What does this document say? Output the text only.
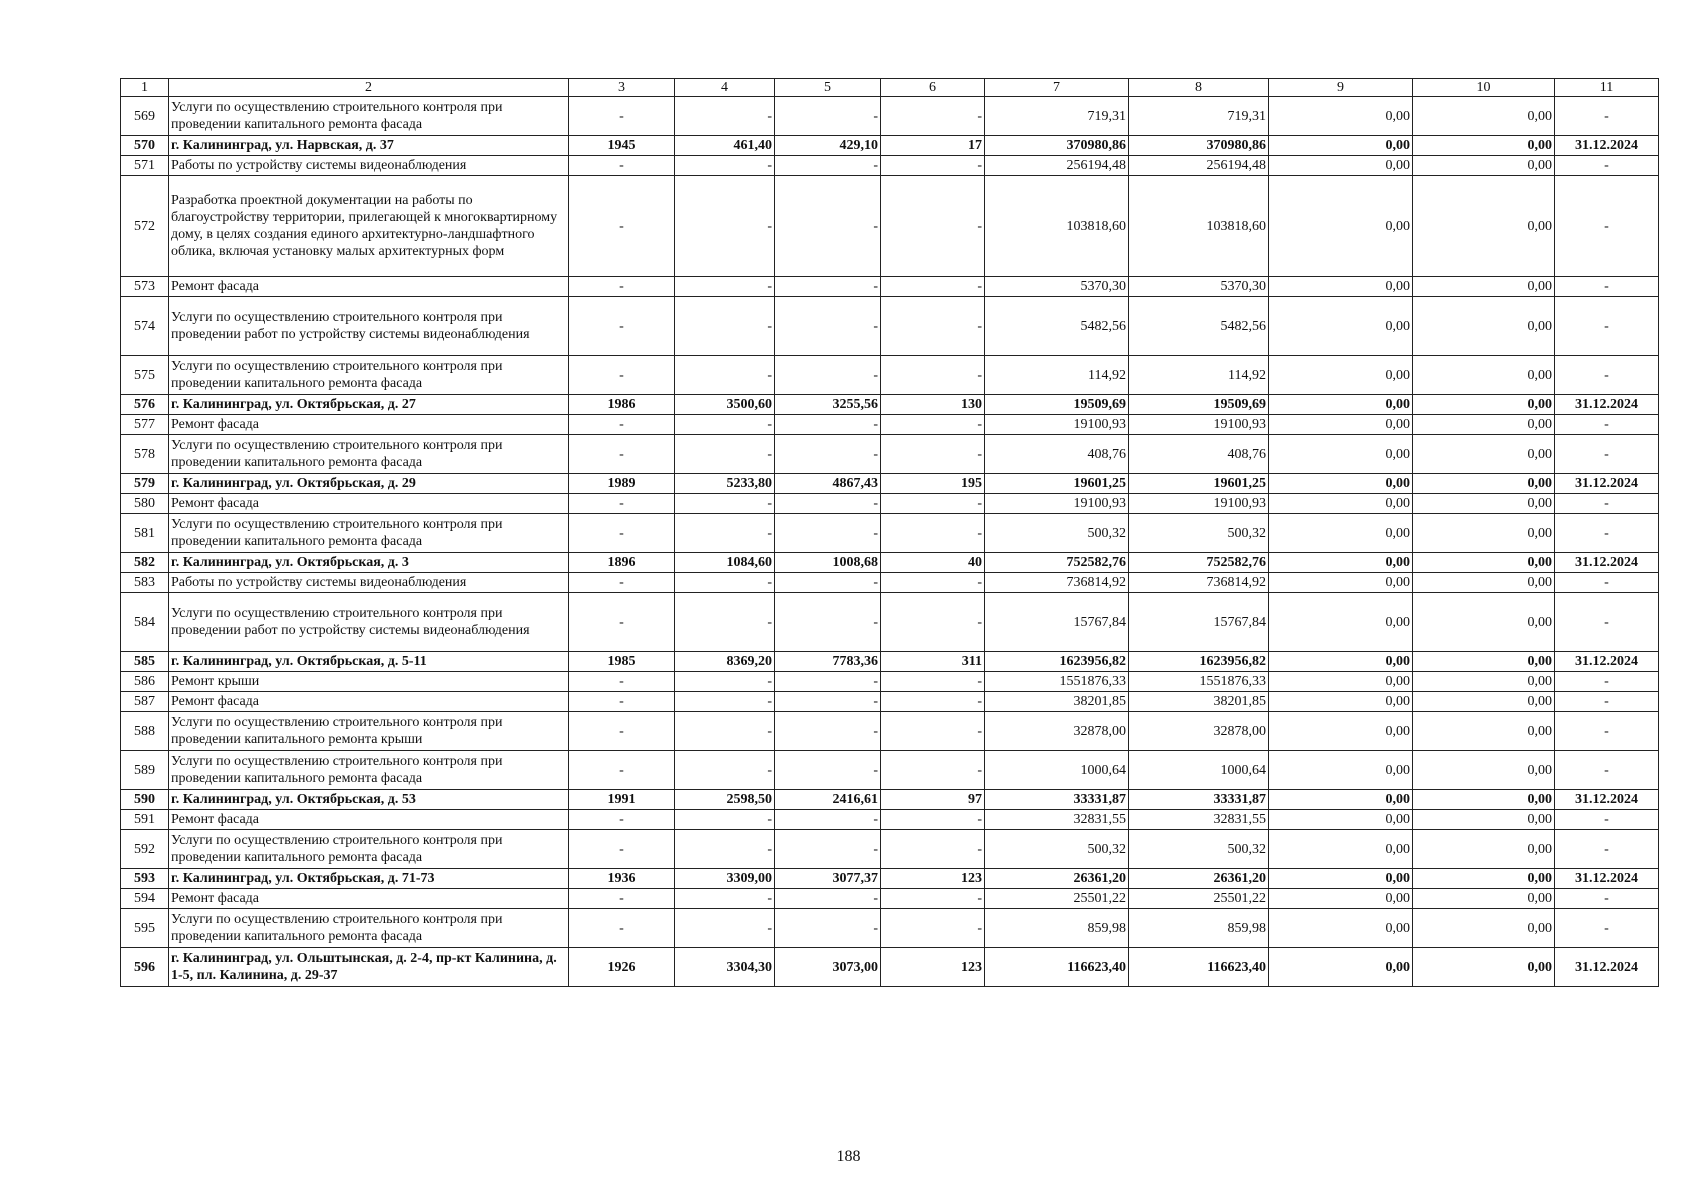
1	2	3	4	5	6	7	8	9	10	11
569	Услуги по осуществлению строительного контроля при проведении капитального ремонта фасада	-	-	-	-	719,31	719,31	0,00	0,00	-
570	г. Калининград, ул. Нарвская, д. 37	1945	461,40	429,10	17	370980,86	370980,86	0,00	0,00	31.12.2024
571	Работы по устройству системы видеонаблюдения	-	-	-	-	256194,48	256194,48	0,00	0,00	-
572	Разработка проектной документации на работы по благоустройству территории, прилегающей к многоквартирному дому, в целях создания единого архитектурно-ландшафтного облика, включая установку малых архитектурных форм	-	-	-	-	103818,60	103818,60	0,00	0,00	-
573	Ремонт фасада	-	-	-	-	5370,30	5370,30	0,00	0,00	-
574	Услуги по осуществлению строительного контроля при проведении работ по устройству системы видеонаблюдения	-	-	-	-	5482,56	5482,56	0,00	0,00	-
575	Услуги по осуществлению строительного контроля при проведении капитального ремонта фасада	-	-	-	-	114,92	114,92	0,00	0,00	-
576	г. Калининград, ул. Октябрьская, д. 27	1986	3500,60	3255,56	130	19509,69	19509,69	0,00	0,00	31.12.2024
577	Ремонт фасада	-	-	-	-	19100,93	19100,93	0,00	0,00	-
578	Услуги по осуществлению строительного контроля при проведении капитального ремонта фасада	-	-	-	-	408,76	408,76	0,00	0,00	-
579	г. Калининград, ул. Октябрьская, д. 29	1989	5233,80	4867,43	195	19601,25	19601,25	0,00	0,00	31.12.2024
580	Ремонт фасада	-	-	-	-	19100,93	19100,93	0,00	0,00	-
581	Услуги по осуществлению строительного контроля при проведении капитального ремонта фасада	-	-	-	-	500,32	500,32	0,00	0,00	-
582	г. Калининград, ул. Октябрьская, д. 3	1896	1084,60	1008,68	40	752582,76	752582,76	0,00	0,00	31.12.2024
583	Работы по устройству системы видеонаблюдения	-	-	-	-	736814,92	736814,92	0,00	0,00	-
584	Услуги по осуществлению строительного контроля при проведении работ по устройству системы видеонаблюдения	-	-	-	-	15767,84	15767,84	0,00	0,00	-
585	г. Калининград, ул. Октябрьская, д. 5-11	1985	8369,20	7783,36	311	1623956,82	1623956,82	0,00	0,00	31.12.2024
586	Ремонт крыши	-	-	-	-	1551876,33	1551876,33	0,00	0,00	-
587	Ремонт фасада	-	-	-	-	38201,85	38201,85	0,00	0,00	-
588	Услуги по осуществлению строительного контроля при проведении капитального ремонта крыши	-	-	-	-	32878,00	32878,00	0,00	0,00	-
589	Услуги по осуществлению строительного контроля при проведении капитального ремонта фасада	-	-	-	-	1000,64	1000,64	0,00	0,00	-
590	г. Калининград, ул. Октябрьская, д. 53	1991	2598,50	2416,61	97	33331,87	33331,87	0,00	0,00	31.12.2024
591	Ремонт фасада	-	-	-	-	32831,55	32831,55	0,00	0,00	-
592	Услуги по осуществлению строительного контроля при проведении капитального ремонта фасада	-	-	-	-	500,32	500,32	0,00	0,00	-
593	г. Калининград, ул. Октябрьская, д. 71-73	1936	3309,00	3077,37	123	26361,20	26361,20	0,00	0,00	31.12.2024
594	Ремонт фасада	-	-	-	-	25501,22	25501,22	0,00	0,00	-
595	Услуги по осуществлению строительного контроля при проведении капитального ремонта фасада	-	-	-	-	859,98	859,98	0,00	0,00	-
596	г. Калининград, ул. Ольштынская, д. 2-4, пр-кт Калинина, д. 1-5, пл. Калинина, д. 29-37	1926	3304,30	3073,00	123	116623,40	116623,40	0,00	0,00	31.12.2024
188
